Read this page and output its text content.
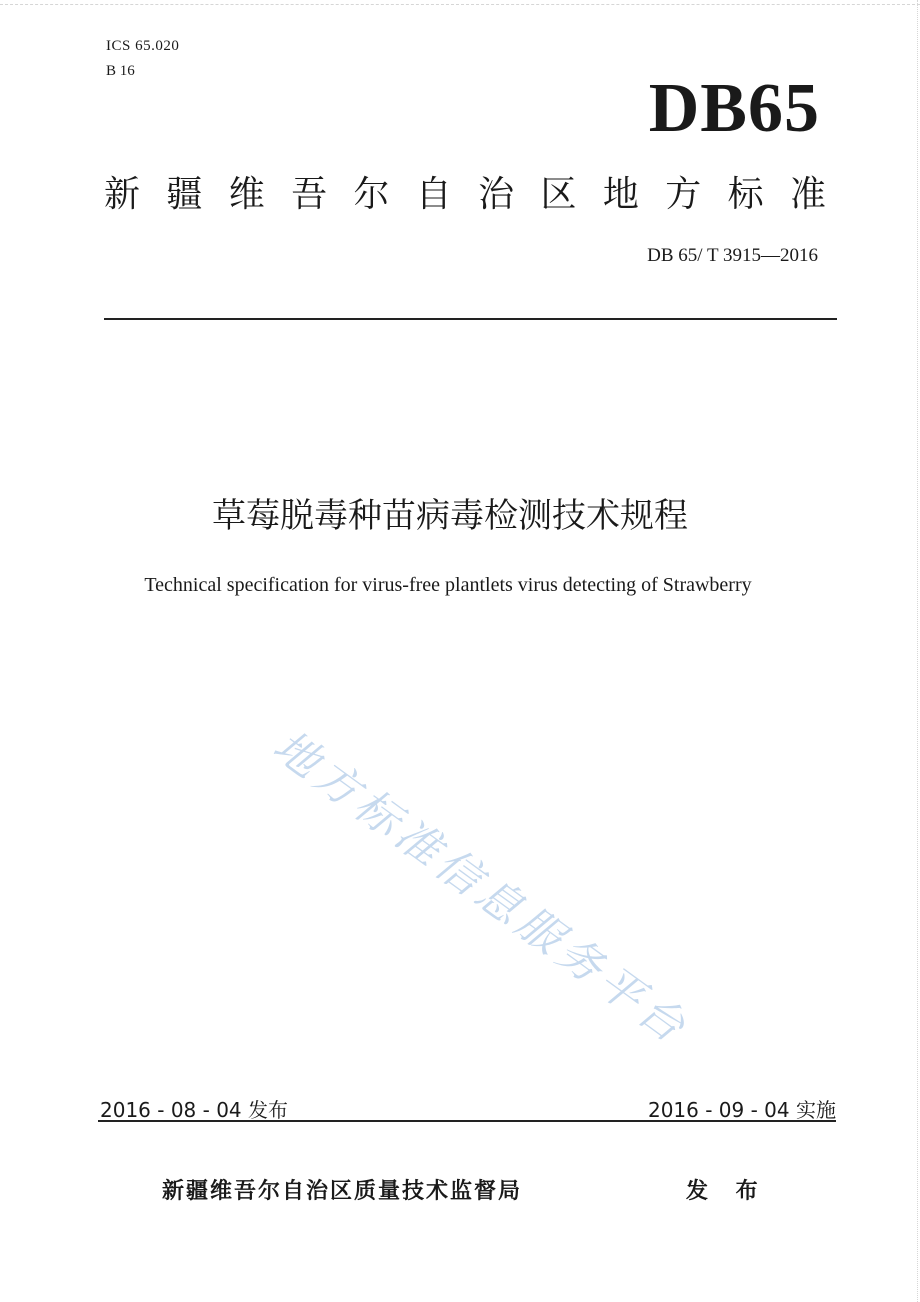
ICS 65.020
B 16	DB65
新 疆 维 吾 尔 自 治 区 地 方 标 准
DB 65/ T 3915—2016
草莓脱毒种苗病毒检测技术规程
Technical specification for virus-free plantlets virus detecting of Strawberry
地方标准信息服务平台
2016 - 08 - 04 发布	2016 - 09 - 04 实施
新疆维吾尔自治区质量技术监督局	发 布
